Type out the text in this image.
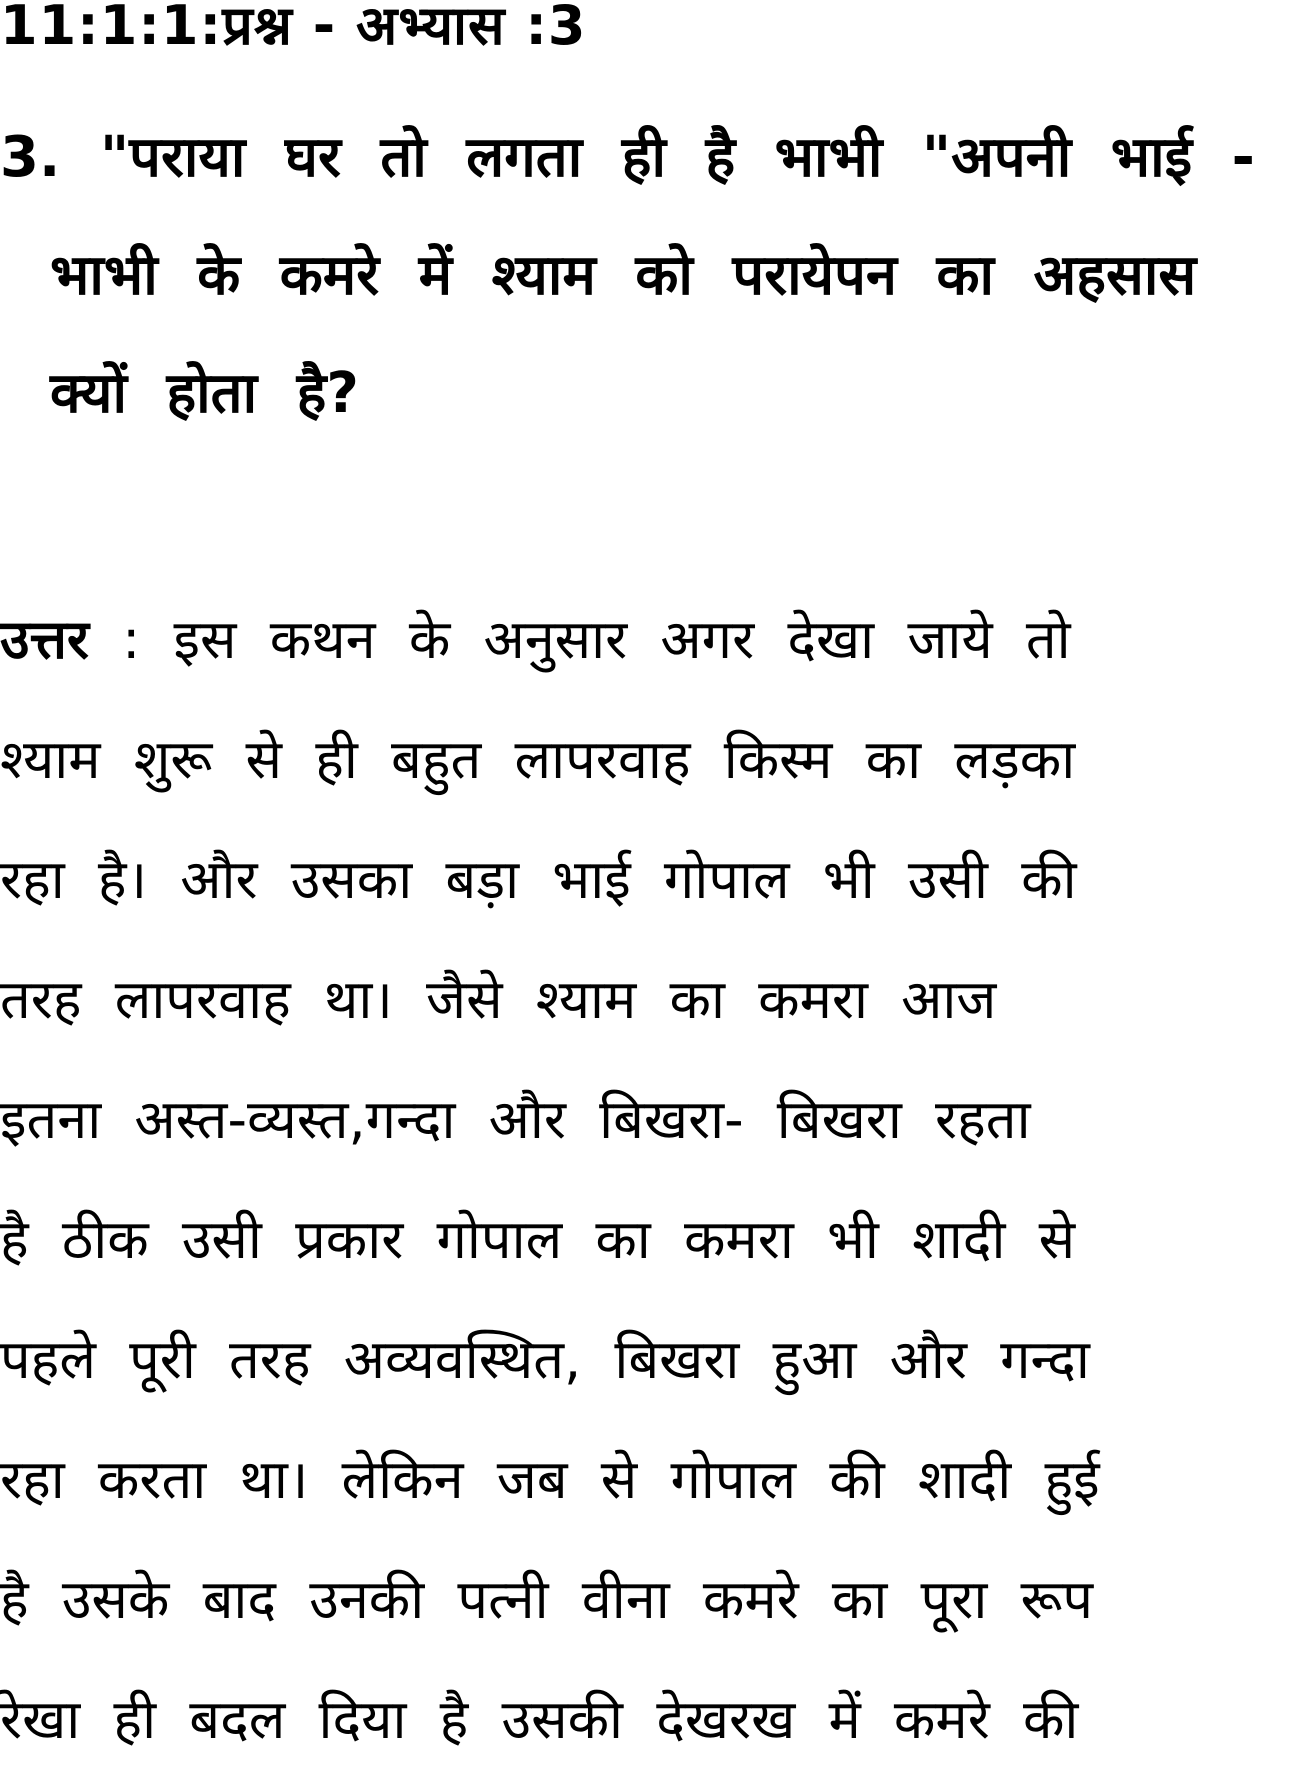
11:1:1:प्रश्न - अभ्यास :3
3. "पराया घर तो लगता ही है भाभी "अपनी भाई -
भाभी के कमरे में श्याम को परायेपन का अहसास
क्यों होता है?
उत्तर : इस कथन के अनुसार अगर देखा जाये तो
श्याम शुरू से ही बहुत लापरवाह किस्म का लड़का
रहा है। और उसका बड़ा भाई गोपाल भी उसी की
तरह लापरवाह था। जैसे श्याम का कमरा आज
इतना अस्त-व्यस्त,गन्दा और बिखरा- बिखरा रहता
है ठीक उसी प्रकार गोपाल का कमरा भी शादी से
पहले पूरी तरह अव्यवस्थित, बिखरा हुआ और गन्दा
रहा करता था। लेकिन जब से गोपाल की शादी हुई
है उसके बाद उनकी पत्नी वीना कमरे का पूरा रूप
रेखा ही बदल दिया है उसकी देखरख में कमरे की
